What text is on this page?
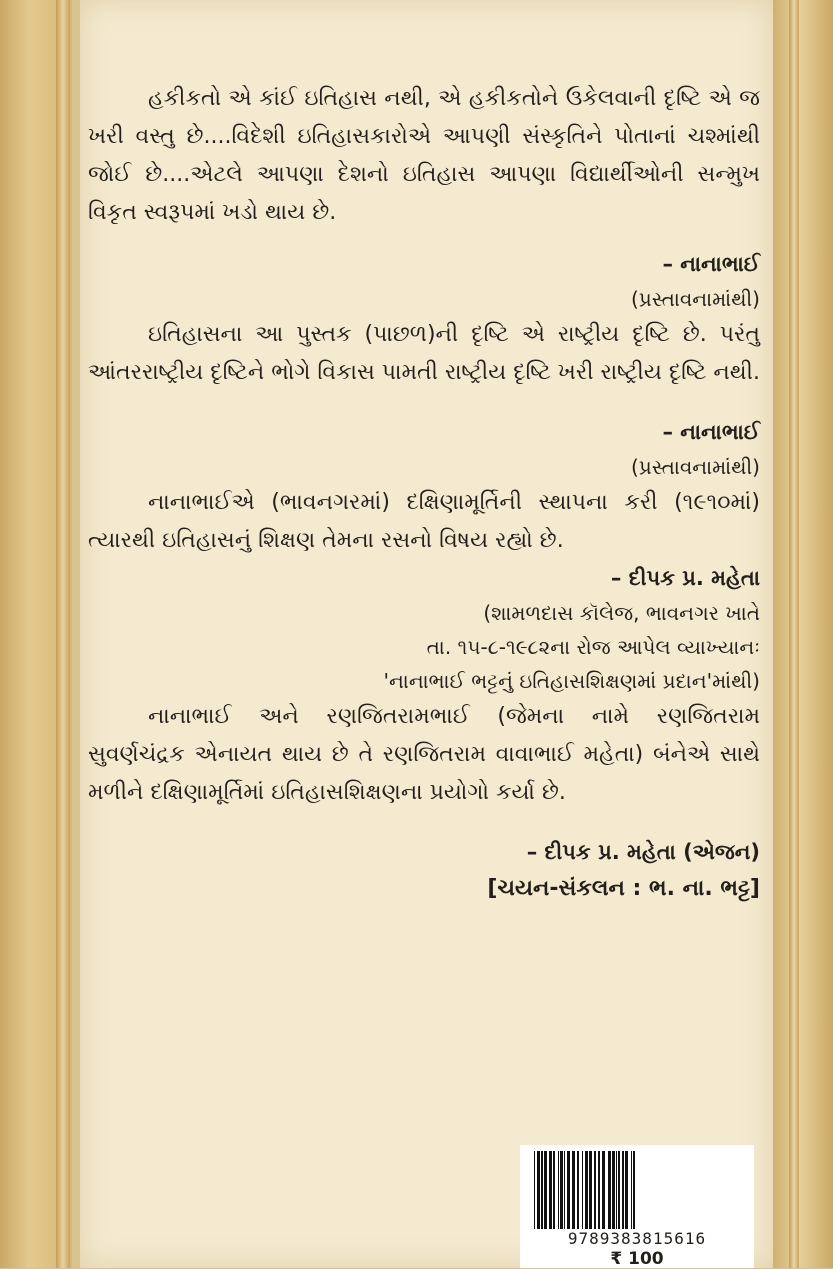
હકીકતો એ કાંઈ ઇતિહાસ નથી, એ હકીકતોને ઉકેલવાની દૃષ્ટિ એ જ ખરી વસ્તુ છે....વિદેશી ઇતિહાસકારોએ આપણી સંસ્કૃતિને પોતાનાં ચશ્માંથી જોઈ છે....એટલે આપણા દેશનો ઇતિહાસ આપણા વિદ્યાર્થીઓની સન્મુખ વિકૃત સ્વરૂપમાં ખડો થાય છે.

– નાનાભાઈ

(પ્રસ્તાવનામાંથી)

ઇતિહાસના આ પુસ્તક (પાછળ)ની દૃષ્ટિ એ રાષ્ટ્રીય દૃષ્ટિ છે. પરંતુ આંતરરાષ્ટ્રીય દૃષ્ટિને ભોગે વિકાસ પામતી રાષ્ટ્રીય દૃષ્ટિ ખરી રાષ્ટ્રીય દૃષ્ટિ નથી.

– નાનાભાઈ

(પ્રસ્તાવનામાંથી)

નાનાભાઈએ (ભાવનગરમાં) દક્ષિણામૂર્તિની સ્થાપના કરી (૧૯૧૦માં) ત્યારથી ઇતિહાસનું શિક્ષણ તેમના રસનો વિષય રહ્યો છે.

– દીપક પ્ર. મહેતા

(શામળદાસ કૉલેજ, ભાવનગર ખાતે

તા. ૧૫-૮-૧૯૮૨ના રોજ આપેલ વ્યાખ્યાનઃ

'નાનાભાઈ ભટ્ટનું ઇતિહાસશિક્ષણમાં પ્રદાન'માંથી)

નાનાભાઈ અને રણજિતરામભાઈ (જેમના નામે રણજિતરામ સુવર્ણચંદ્રક એનાયત થાય છે તે રણજિતરામ વાવાભાઈ મહેતા) બંનેએ સાથે મળીને દક્ષિણામૂર્તિમાં ઇતિહાસશિક્ષણના પ્રયોગો કર્યા છે.

– દીપક પ્ર. મહેતા (એજન)

[ચયન-સંકલન : ભ. ના. ભટ્ટ]

9789383815616
₹ 100
